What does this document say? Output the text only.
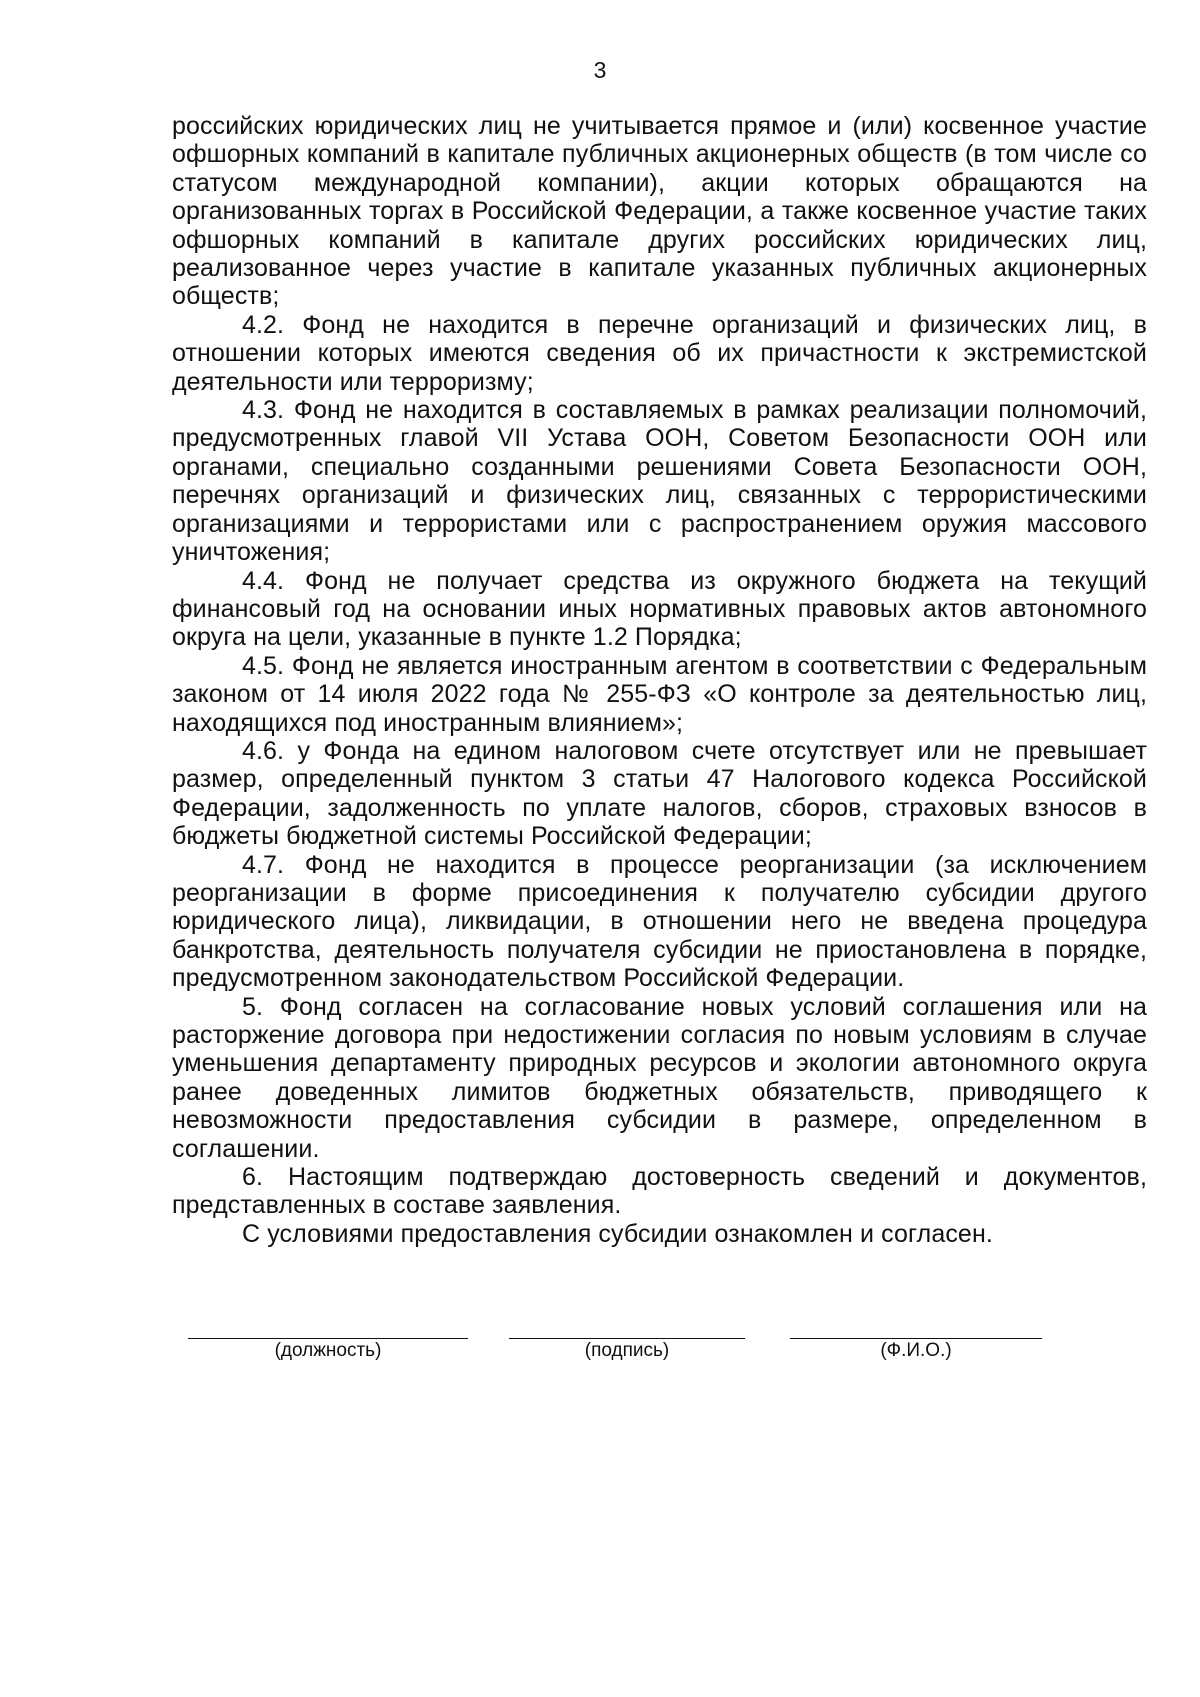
3

российских юридических лиц не учитывается прямое и (или) косвенное участие офшорных компаний в капитале публичных акционерных обществ (в том числе со статусом международной компании), акции которых обращаются на организованных торгах в Российской Федерации, а также косвенное участие таких офшорных компаний в капитале других российских юридических лиц, реализованное через участие в капитале указанных публичных акционерных обществ;

4.2. Фонд не находится в перечне организаций и физических лиц, в отношении которых имеются сведения об их причастности к экстремистской деятельности или терроризму;

4.3. Фонд не находится в составляемых в рамках реализации полномочий, предусмотренных главой VII Устава ООН, Советом Безопасности ООН или органами, специально созданными решениями Совета Безопасности ООН, перечнях организаций и физических лиц, связанных с террористическими организациями и террористами или с распространением оружия массового уничтожения;

4.4. Фонд не получает средства из окружного бюджета на текущий финансовый год на основании иных нормативных правовых актов автономного округа на цели, указанные в пункте 1.2 Порядка;

4.5. Фонд не является иностранным агентом в соответствии с Федеральным законом от 14 июля 2022 года № 255-ФЗ «О контроле за деятельностью лиц, находящихся под иностранным влиянием»;

4.6. у Фонда на едином налоговом счете отсутствует или не превышает размер, определенный пунктом 3 статьи 47 Налогового кодекса Российской Федерации, задолженность по уплате налогов, сборов, страховых взносов в бюджеты бюджетной системы Российской Федерации;

4.7. Фонд не находится в процессе реорганизации (за исключением реорганизации в форме присоединения к получателю субсидии другого юридического лица), ликвидации, в отношении него не введена процедура банкротства, деятельность получателя субсидии не приостановлена в порядке, предусмотренном законодательством Российской Федерации.

5. Фонд согласен на согласование новых условий соглашения или на расторжение договора при недостижении согласия по новым условиям в случае уменьшения департаменту природных ресурсов и экологии автономного округа ранее доведенных лимитов бюджетных обязательств, приводящего к невозможности предоставления субсидии в размере, определенном в соглашении.

6. Настоящим подтверждаю достоверность сведений и документов, представленных в составе заявления.

С условиями предоставления субсидии ознакомлен и согласен.

(должность)	(подпись)	(Ф.И.О.)
